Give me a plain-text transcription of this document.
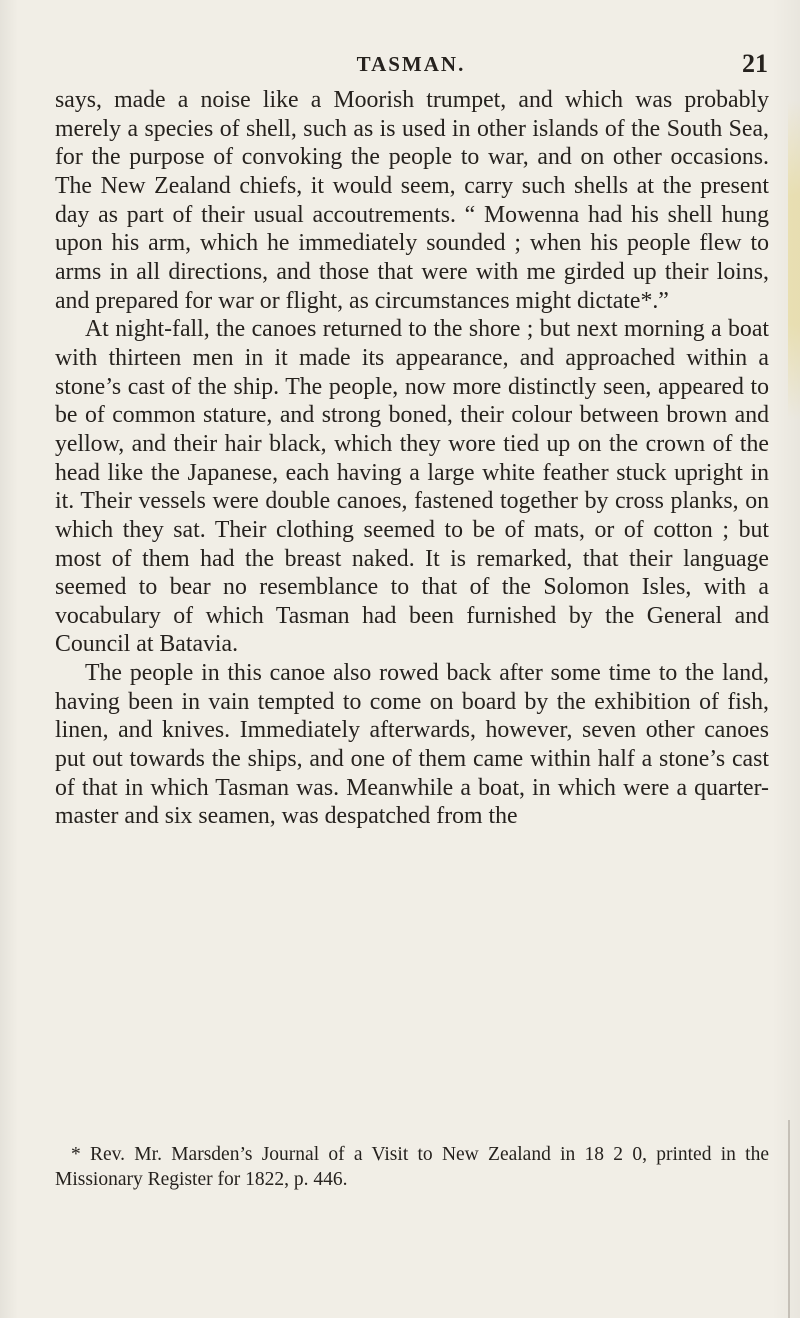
TASMAN.	21

says, made a noise like a Moorish trumpet, and which was probably merely a species of shell, such as is used in other islands of the South Sea, for the purpose of convoking the people to war, and on other occasions. The New Zealand chiefs, it would seem, carry such shells at the present day as part of their usual accoutrements. “ Mowenna had his shell hung upon his arm, which he immediately sounded ; when his people flew to arms in all directions, and those that were with me girded up their loins, and prepared for war or flight, as circumstances might dictate*.”

At night-fall, the canoes returned to the shore ; but next morning a boat with thirteen men in it made its appearance, and approached within a stone’s cast of the ship. The people, now more distinctly seen, appeared to be of common stature, and strong boned, their colour between brown and yellow, and their hair black, which they wore tied up on the crown of the head like the Japanese, each having a large white feather stuck upright in it. Their vessels were double canoes, fastened together by cross planks, on which they sat. Their clothing seemed to be of mats, or of cotton ; but most of them had the breast naked. It is remarked, that their language seemed to bear no resemblance to that of the Solomon Isles, with a vocabulary of which Tasman had been furnished by the General and Council at Batavia.

The people in this canoe also rowed back after some time to the land, having been in vain tempted to come on board by the exhibition of fish, linen, and knives. Immediately afterwards, however, seven other canoes put out towards the ships, and one of them came within half a stone’s cast of that in which Tasman was. Meanwhile a boat, in which were a quarter-master and six seamen, was despatched from the

* Rev. Mr. Marsden’s Journal of a Visit to New Zealand in 18 2 0, printed in the Missionary Register for 1822, p. 446.
